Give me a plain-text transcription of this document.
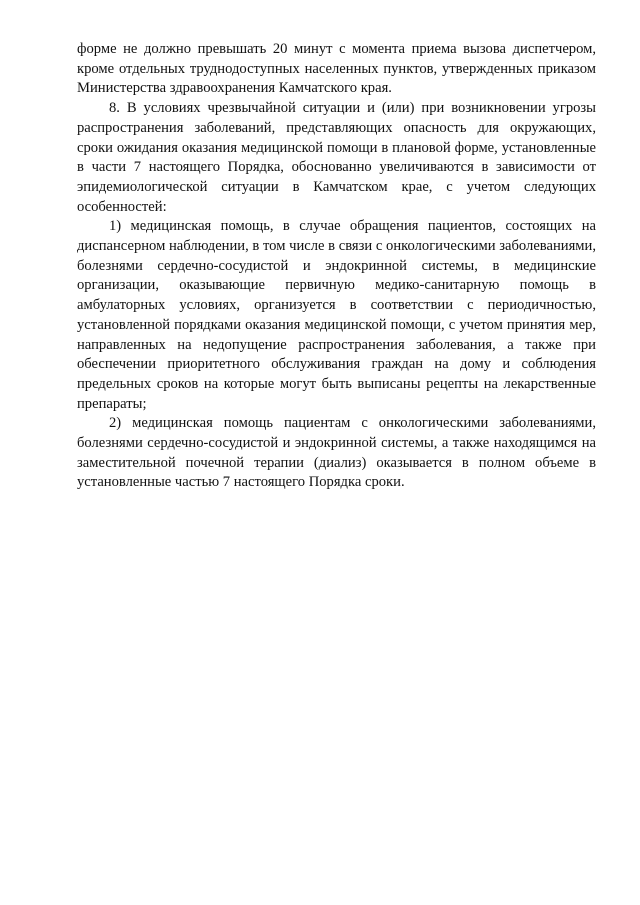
форме не должно превышать 20 минут с момента приема вызова диспетчером, кроме отдельных труднодоступных населенных пунктов, утвержденных приказом Министерства здравоохранения Камчатского края.

8. В условиях чрезвычайной ситуации и (или) при возникновении угрозы распространения заболеваний, представляющих опасность для окружающих, сроки ожидания оказания медицинской помощи в плановой форме, установленные в части 7 настоящего Порядка, обоснованно увеличиваются в зависимости от эпидемиологической ситуации в Камчатском крае, с учетом следующих особенностей:

1) медицинская помощь, в случае обращения пациентов, состоящих на диспансерном наблюдении, в том числе в связи с онкологическими заболеваниями, болезнями сердечно-сосудистой и эндокринной системы, в медицинские организации, оказывающие первичную медико-санитарную помощь в амбулаторных условиях, организуется в соответствии с периодичностью, установленной порядками оказания медицинской помощи, с учетом принятия мер, направленных на недопущение распространения заболевания, а также при обеспечении приоритетного обслуживания граждан на дому и соблюдения предельных сроков на которые могут быть выписаны рецепты на лекарственные препараты;

2) медицинская помощь пациентам с онкологическими заболеваниями, болезнями сердечно-сосудистой и эндокринной системы, а также находящимся на заместительной почечной терапии (диализ) оказывается в полном объеме в установленные частью 7 настоящего Порядка сроки.
